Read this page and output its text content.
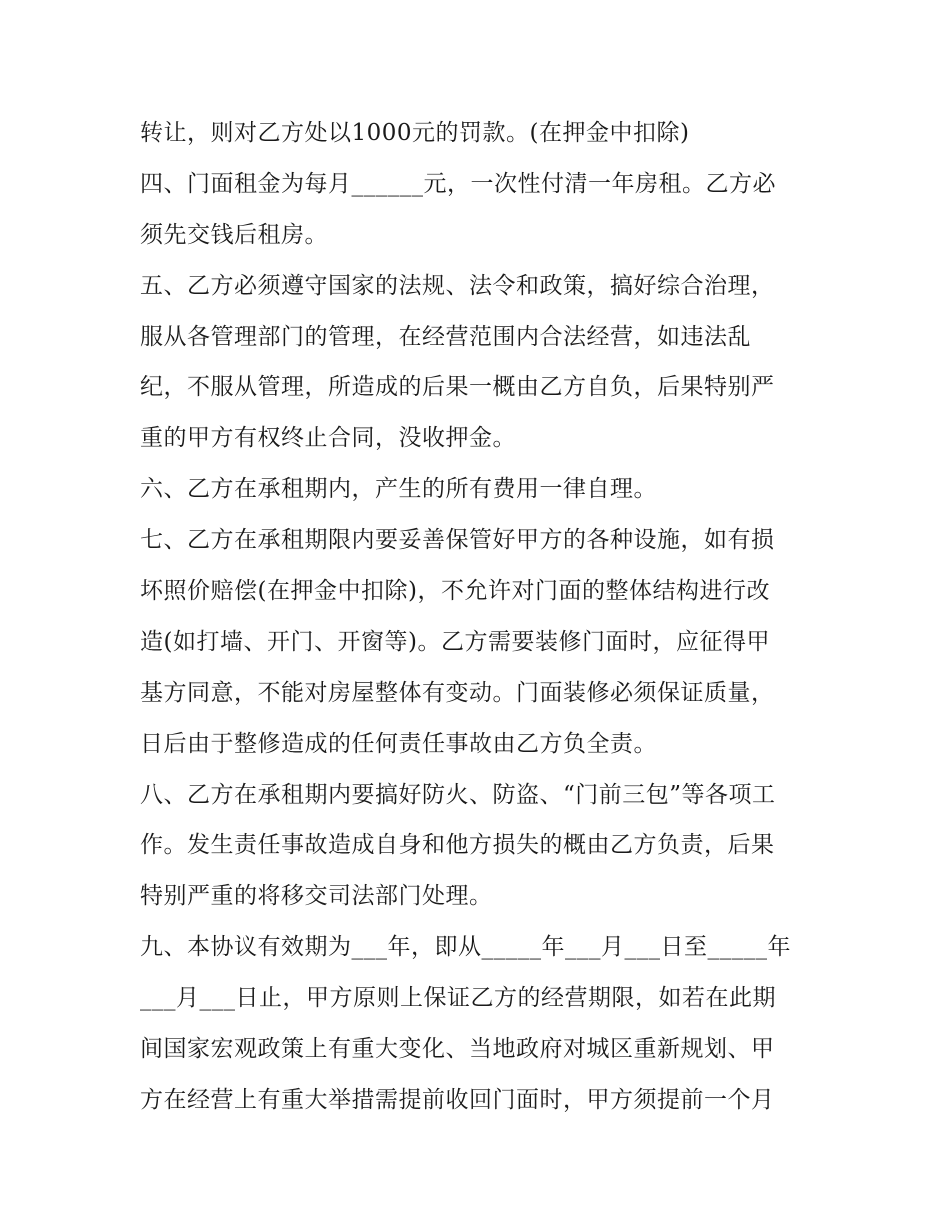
转让，则对乙方处以1000元的罚款。(在押金中扣除)
四、门面租金为每月______元，一次性付清一年房租。乙方必
须先交钱后租房。
五、乙方必须遵守国家的法规、法令和政策，搞好综合治理，
服从各管理部门的管理，在经营范围内合法经营，如违法乱
纪，不服从管理，所造成的后果一概由乙方自负，后果特别严
重的甲方有权终止合同，没收押金。
六、乙方在承租期内，产生的所有费用一律自理。
七、乙方在承租期限内要妥善保管好甲方的各种设施，如有损
坏照价赔偿(在押金中扣除)，不允许对门面的整体结构进行改
造(如打墙、开门、开窗等)。乙方需要装修门面时，应征得甲
基方同意，不能对房屋整体有变动。门面装修必须保证质量，
日后由于整修造成的任何责任事故由乙方负全责。
八、乙方在承租期内要搞好防火、防盗、“门前三包”等各项工
作。发生责任事故造成自身和他方损失的概由乙方负责，后果
特别严重的将移交司法部门处理。
九、本协议有效期为___年，即从_____年___月___日至_____年
___月___日止，甲方原则上保证乙方的经营期限，如若在此期
间国家宏观政策上有重大变化、当地政府对城区重新规划、甲
方在经营上有重大举措需提前收回门面时，甲方须提前一个月
